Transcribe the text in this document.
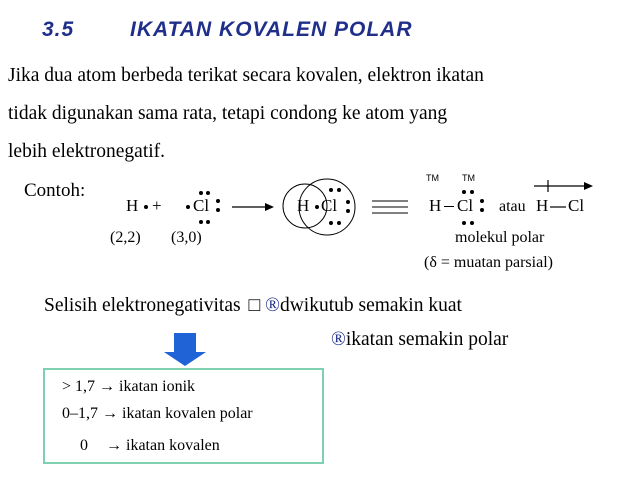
3.5	IKATAN KOVALEN POLAR
Jika dua atom berbeda terikat secara kovalen, elektron ikatan
tidak digunakan sama rata, tetapi condong ke atom yang
lebih elektronegatif.
Contoh:
H + Cl
(2,2) (3,0)
H Cl
TM	TM
H Cl atau H Cl
molekul polar
(δ = muatan parsial)
Selisih elektronegativitas □ ®dwikutub semakin kuat
®ikatan semakin polar
> 1,7 → ikatan ionik
0–1,7 → ikatan kovalen polar
0 → ikatan kovalen
